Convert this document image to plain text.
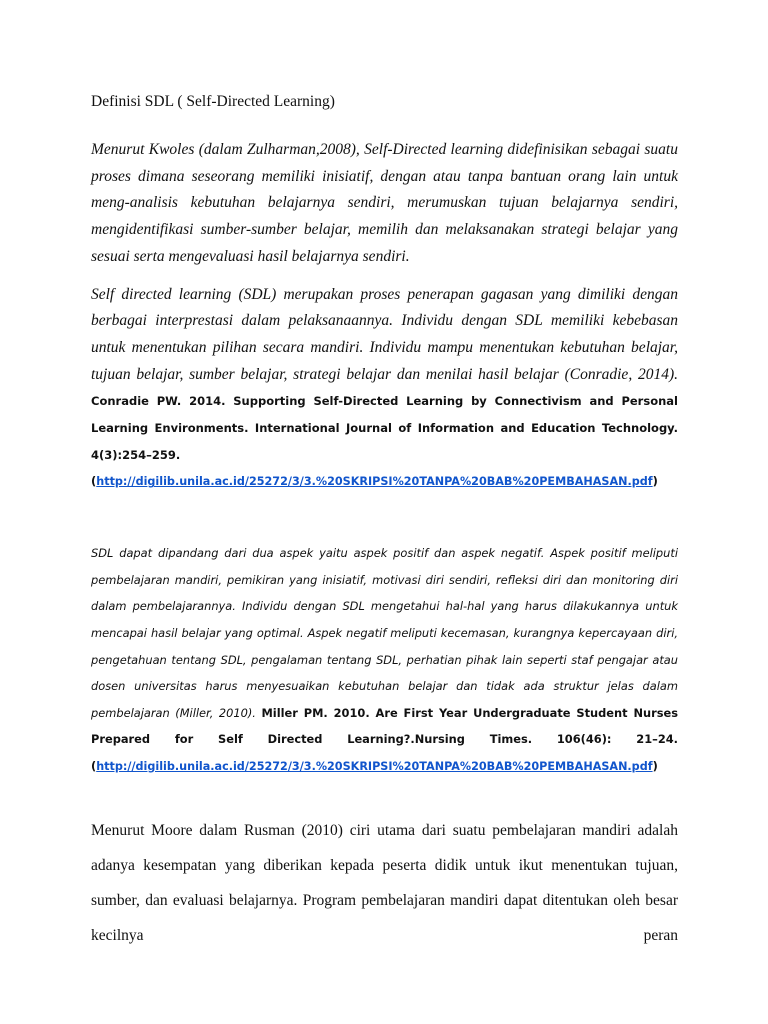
Definisi SDL ( Self-Directed Learning)

Menurut Kwoles (dalam Zulharman,2008), Self-Directed learning didefinisikan sebagai suatu proses dimana seseorang memiliki inisiatif, dengan atau tanpa bantuan orang lain untuk meng-analisis kebutuhan belajarnya sendiri, merumuskan tujuan belajarnya sendiri, mengidentifikasi sumber-sumber belajar, memilih dan melaksanakan strategi belajar yang sesuai serta mengevaluasi hasil belajarnya sendiri.

Self directed learning (SDL) merupakan proses penerapan gagasan yang dimiliki dengan berbagai interprestasi dalam pelaksanaannya. Individu dengan SDL memiliki kebebasan untuk menentukan pilihan secara mandiri. Individu mampu menentukan kebutuhan belajar, tujuan belajar, sumber belajar, strategi belajar dan menilai hasil belajar (Conradie, 2014). Conradie PW. 2014. Supporting Self-Directed Learning by Connectivism and Personal Learning Environments. International Journal of Information and Education Technology. 4(3):254–259. (http://digilib.unila.ac.id/25272/3/3.%20SKRIPSI%20TANPA%20BAB%20PEMBAHASAN.pdf)

SDL dapat dipandang dari dua aspek yaitu aspek positif dan aspek negatif. Aspek positif meliputi pembelajaran mandiri, pemikiran yang inisiatif, motivasi diri sendiri, refleksi diri dan monitoring diri dalam pembelajarannya. Individu dengan SDL mengetahui hal-hal yang harus dilakukannya untuk mencapai hasil belajar yang optimal. Aspek negatif meliputi kecemasan, kurangnya kepercayaan diri, pengetahuan tentang SDL, pengalaman tentang SDL, perhatian pihak lain seperti staf pengajar atau dosen universitas harus menyesuaikan kebutuhan belajar dan tidak ada struktur jelas dalam pembelajaran (Miller, 2010). Miller PM. 2010. Are First Year Undergraduate Student Nurses Prepared for Self Directed Learning?.Nursing Times. 106(46): 21–24. (http://digilib.unila.ac.id/25272/3/3.%20SKRIPSI%20TANPA%20BAB%20PEMBAHASAN.pdf)

Menurut Moore dalam Rusman (2010) ciri utama dari suatu pembelajaran mandiri adalah adanya kesempatan yang diberikan kepada peserta didik untuk ikut menentukan tujuan, sumber, dan evaluasi belajarnya. Program pembelajaran mandiri dapat ditentukan oleh besar kecilnya peran
